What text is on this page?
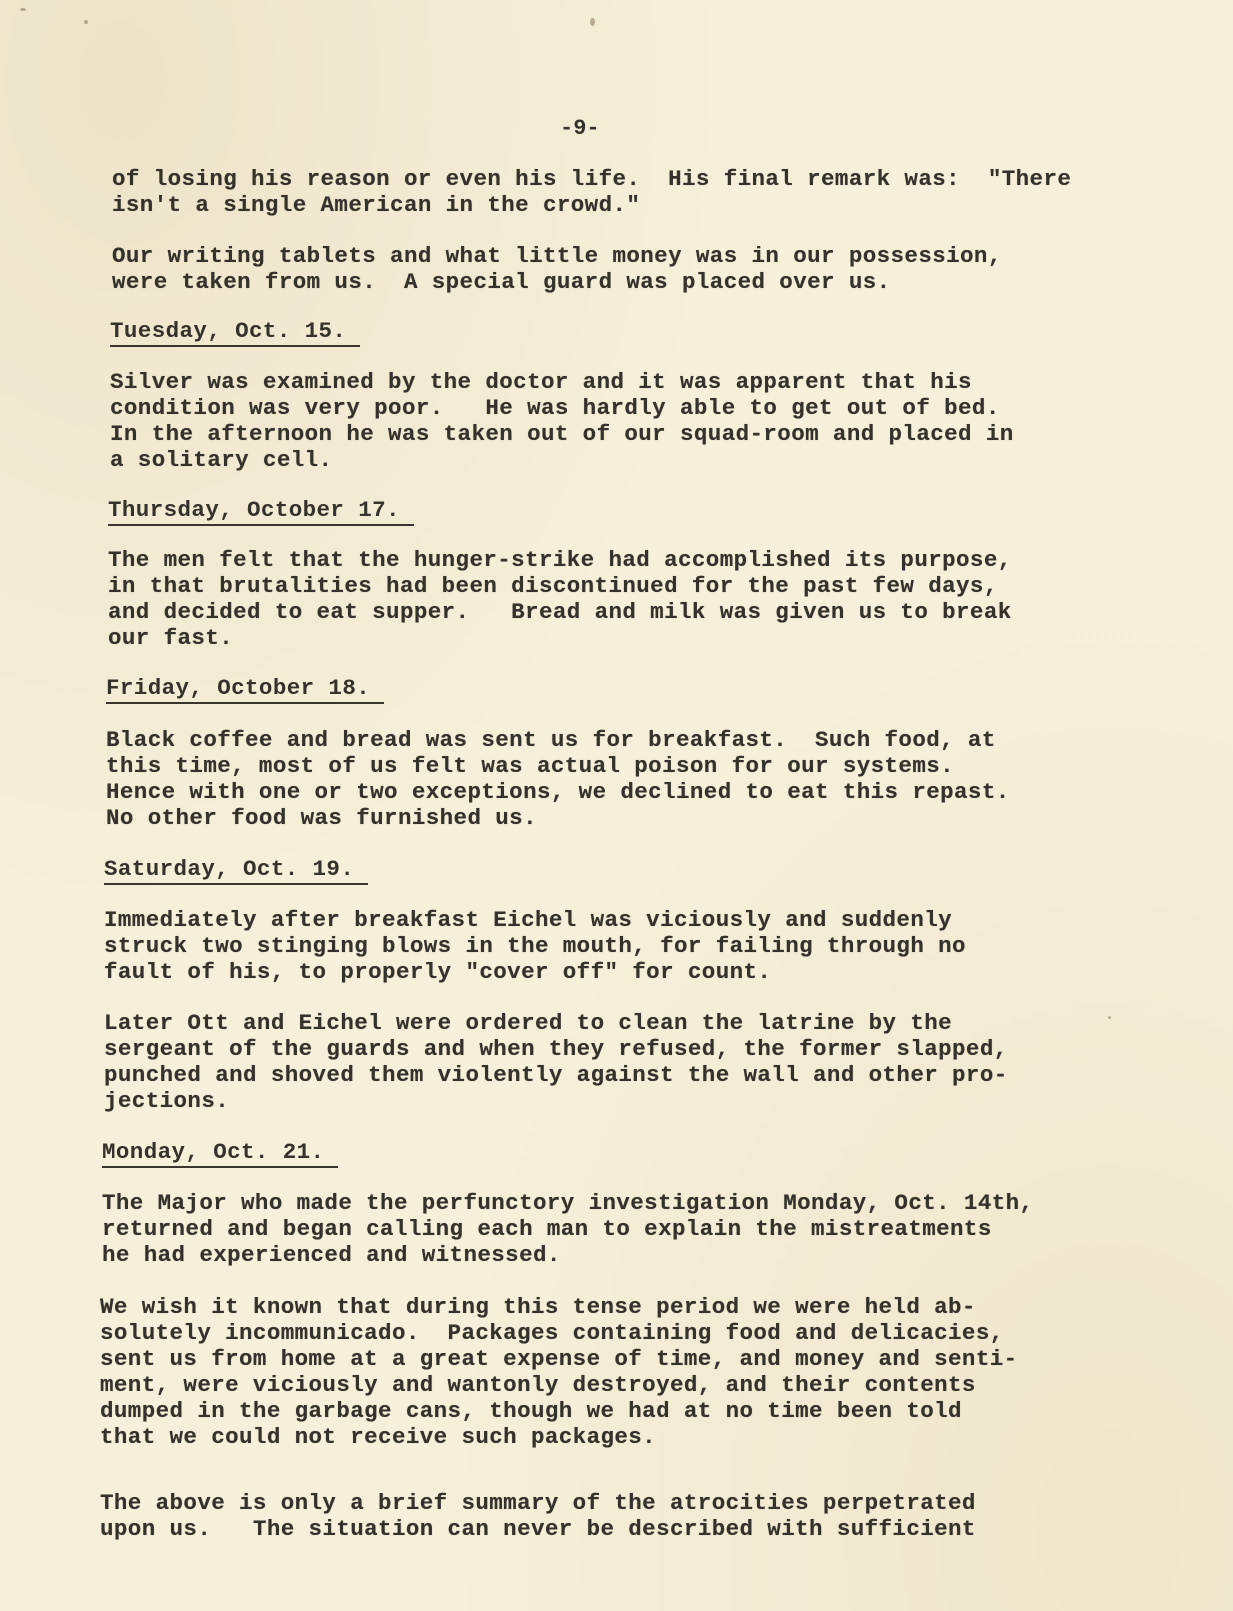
-9-
of losing his reason or even his life.  His final remark was:  "There
isn't a single American in the crowd."
Our writing tablets and what little money was in our possession,
were taken from us.  A special guard was placed over us.
Tuesday, Oct. 15.
Silver was examined by the doctor and it was apparent that his
condition was very poor.   He was hardly able to get out of bed.
In the afternoon he was taken out of our squad-room and placed in
a solitary cell.
Thursday, October 17.
The men felt that the hunger-strike had accomplished its purpose,
in that brutalities had been discontinued for the past few days,
and decided to eat supper.   Bread and milk was given us to break
our fast.
Friday, October 18.
Black coffee and bread was sent us for breakfast.  Such food, at
this time, most of us felt was actual poison for our systems.
Hence with one or two exceptions, we declined to eat this repast.
No other food was furnished us.
Saturday, Oct. 19.
Immediately after breakfast Eichel was viciously and suddenly
struck two stinging blows in the mouth, for failing through no
fault of his, to properly "cover off" for count.
Later Ott and Eichel were ordered to clean the latrine by the
sergeant of the guards and when they refused, the former slapped,
punched and shoved them violently against the wall and other pro-
jections.
Monday, Oct. 21.
The Major who made the perfunctory investigation Monday, Oct. 14th,
returned and began calling each man to explain the mistreatments
he had experienced and witnessed.
We wish it known that during this tense period we were held ab-
solutely incommunicado.  Packages containing food and delicacies,
sent us from home at a great expense of time, and money and senti-
ment, were viciously and wantonly destroyed, and their contents
dumped in the garbage cans, though we had at no time been told
that we could not receive such packages.
The above is only a brief summary of the atrocities perpetrated
upon us.   The situation can never be described with sufficient
